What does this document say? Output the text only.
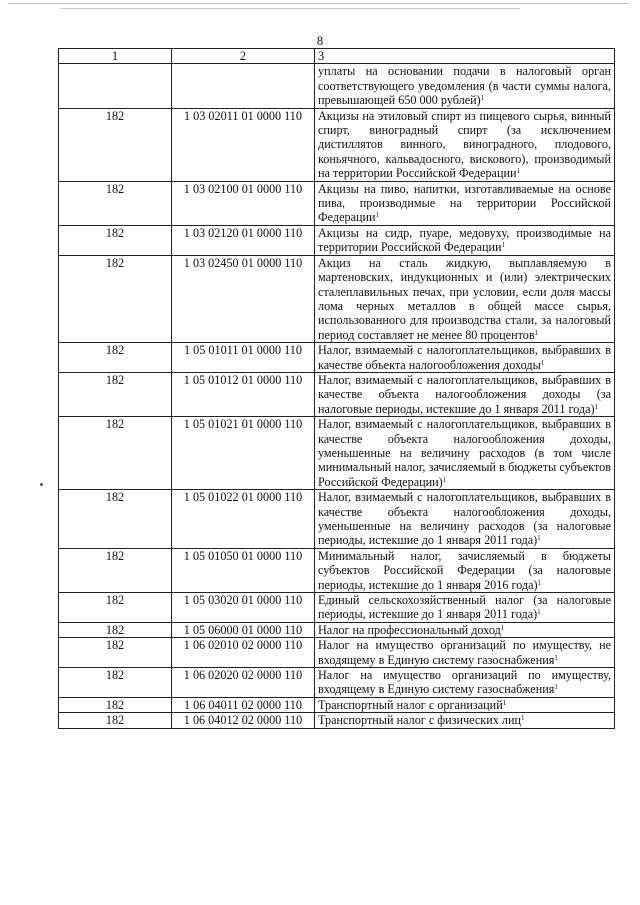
8
1	2	3
		уплаты на основании подачи в налоговый орган соответствующего уведомления (в части суммы налога, превышающей 650 000 рублей)$^1$
182	1 03 02011 01 0000 110	Акцизы на этиловый спирт из пищевого сырья, винный спирт, виноградный спирт (за исключением дистиллятов винного, виноградного, плодового, коньячного, кальвадосного, вискового), производимый на территории Российской Федерации$^1$
182	1 03 02100 01 0000 110	Акцизы на пиво, напитки, изготавливаемые на основе пива, производимые на территории Российской Федерации$^1$
182	1 03 02120 01 0000 110	Акцизы на сидр, пуаре, медовуху, производимые на территории Российской Федерации$^1$
182	1 03 02450 01 0000 110	Акциз на сталь жидкую, выплавляемую в мартеновских, индукционных и (или) электрических сталеплавильных печах, при условии, если доля массы лома черных металлов в общей массе сырья, использованного для производства стали, за налоговый период составляет не менее 80 процентов$^1$
182	1 05 01011 01 0000 110	Налог, взимаемый с налогоплательщиков, выбравших в качестве объекта налогообложения доходы$^1$
182	1 05 01012 01 0000 110	Налог, взимаемый с налогоплательщиков, выбравших в качестве объекта налогообложения доходы (за налоговые периоды, истекшие до 1 января 2011 года)$^1$
182	1 05 01021 01 0000 110	Налог, взимаемый с налогоплательщиков, выбравших в качестве объекта налогообложения доходы, уменьшенные на величину расходов (в том числе минимальный налог, зачисляемый в бюджеты субъектов Российской Федерации)$^1$
182	1 05 01022 01 0000 110	Налог, взимаемый с налогоплательщиков, выбравших в качестве объекта налогообложения доходы, уменьшенные на величину расходов (за налоговые периоды, истекшие до 1 января 2011 года)$^1$
182	1 05 01050 01 0000 110	Минимальный налог, зачисляемый в бюджеты субъектов Российской Федерации (за налоговые периоды, истекшие до 1 января 2016 года)$^1$
182	1 05 03020 01 0000 110	Единый сельскохозяйственный налог (за налоговые периоды, истекшие до 1 января 2011 года)$^1$
182	1 05 06000 01 0000 110	Налог на профессиональный доход$^1$
182	1 06 02010 02 0000 110	Налог на имущество организаций по имуществу, не входящему в Единую систему газоснабжения$^1$
182	1 06 02020 02 0000 110	Налог на имущество организаций по имуществу, входящему в Единую систему газоснабжения$^1$
182	1 06 04011 02 0000 110	Транспортный налог с организаций$^1$
182	1 06 04012 02 0000 110	Транспортный налог с физических лиц$^1$
